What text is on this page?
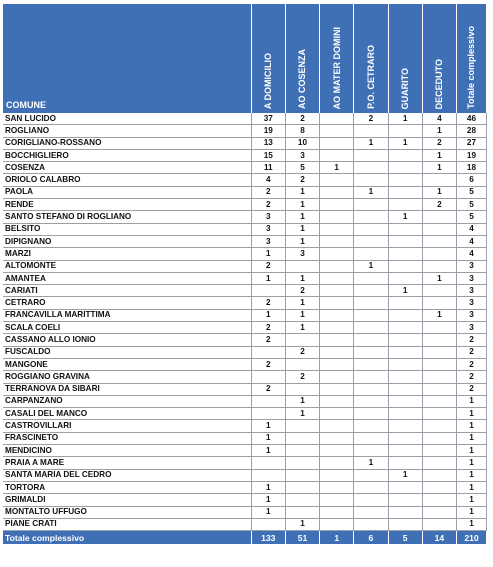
COMUNE	A DOMICILIO	AO COSENZA	AO MATER DOMINI	P.O. CETRARO	GUARITO	DECEDUTO	Totale complessivo

SAN LUCIDO	37	2		2	1	4	46
ROGLIANO	19	8				1	28
CORIGLIANO-ROSSANO	13	10		1	1	2	27
BOCCHIGLIERO	15	3				1	19
COSENZA	11	5	1			1	18
ORIOLO CALABRO	4	2					6
PAOLA	2	1		1		1	5
RENDE	2	1				2	5
SANTO STEFANO DI ROGLIANO	3	1			1		5
BELSITO	3	1					4
DIPIGNANO	3	1					4
MARZI	1	3					4
ALTOMONTE	2			1			3
AMANTEA	1	1				1	3
CARIATI		2			1		3
CETRARO	2	1					3
FRANCAVILLA MARITTIMA	1	1				1	3
SCALA COELI	2	1					3
CASSANO ALLO IONIO	2						2
FUSCALDO		2					2
MANGONE	2						2
ROGGIANO GRAVINA		2					2
TERRANOVA DA SIBARI	2						2
CARPANZANO		1					1
CASALI DEL MANCO		1					1
CASTROVILLARI	1						1
FRASCINETO	1						1
MENDICINO	1						1
PRAIA A MARE				1			1
SANTA MARIA DEL CEDRO					1		1
TORTORA	1						1
GRIMALDI	1						1
MONTALTO UFFUGO	1						1
PIANE CRATI		1					1
Totale complessivo	133	51	1	6	5	14	210
